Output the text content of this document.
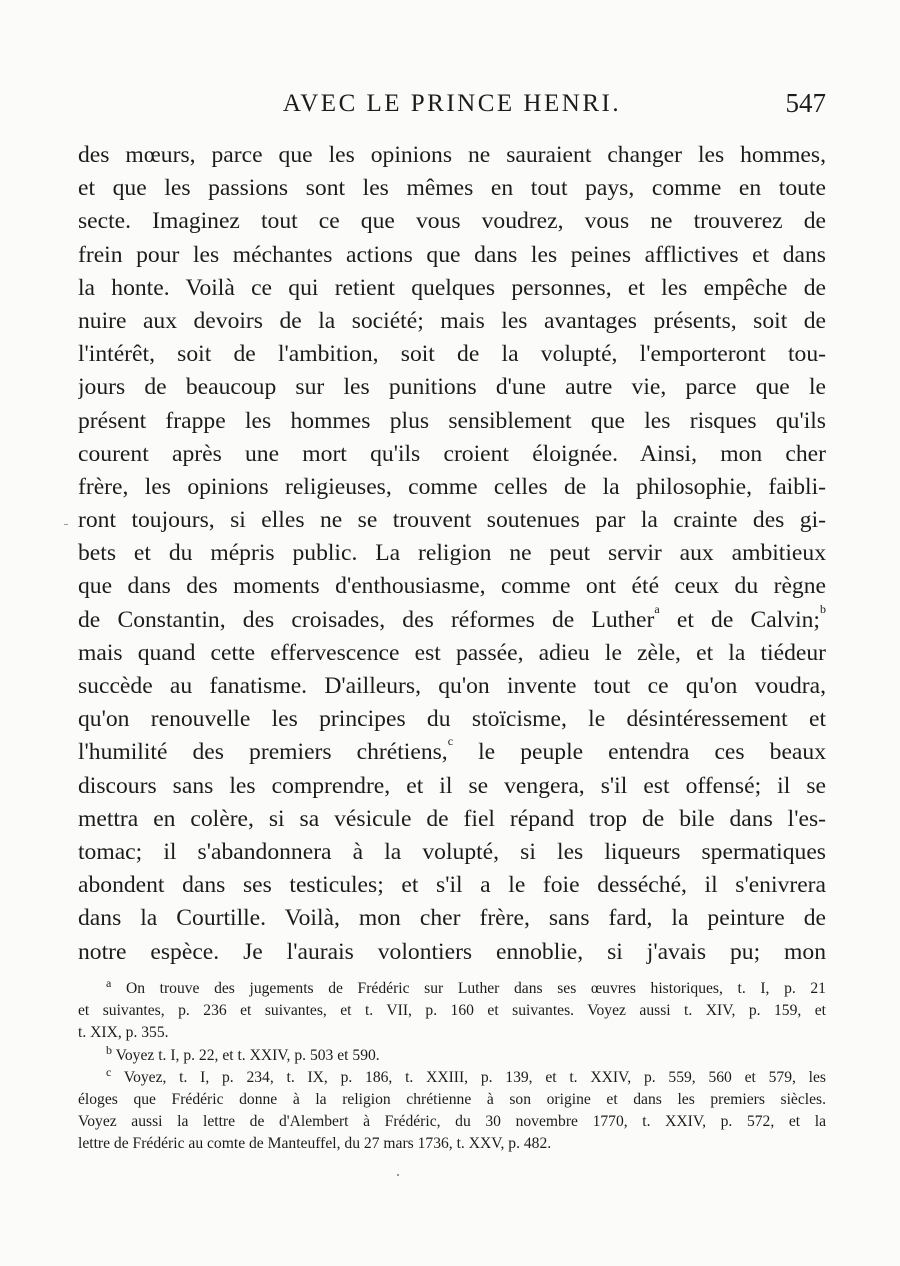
AVEC LE PRINCE HENRI.	547
des mœurs, parce que les opinions ne sauraient changer les hommes,
et que les passions sont les mêmes en tout pays, comme en toute
secte. Imaginez tout ce que vous voudrez, vous ne trouverez de
frein pour les méchantes actions que dans les peines afflictives et dans
la honte. Voilà ce qui retient quelques personnes, et les empêche de
nuire aux devoirs de la société; mais les avantages présents, soit de
l'intérêt, soit de l'ambition, soit de la volupté, l'emporteront tou-
jours de beaucoup sur les punitions d'une autre vie, parce que le
présent frappe les hommes plus sensiblement que les risques qu'ils
courent après une mort qu'ils croient éloignée. Ainsi, mon cher
frère, les opinions religieuses, comme celles de la philosophie, faibli-
ront toujours, si elles ne se trouvent soutenues par la crainte des gi-
bets et du mépris public. La religion ne peut servir aux ambitieux
que dans des moments d'enthousiasme, comme ont été ceux du règne
de Constantin, des croisades, des réformes de Luther$^a$ et de Calvin;$^b$
mais quand cette effervescence est passée, adieu le zèle, et la tiédeur
succède au fanatisme. D'ailleurs, qu'on invente tout ce qu'on voudra,
qu'on renouvelle les principes du stoïcisme, le désintéressement et
l'humilité des premiers chrétiens,$^c$ le peuple entendra ces beaux
discours sans les comprendre, et il se vengera, s'il est offensé; il se
mettra en colère, si sa vésicule de fiel répand trop de bile dans l'es-
tomac; il s'abandonnera à la volupté, si les liqueurs spermatiques
abondent dans ses testicules; et s'il a le foie desséché, il s'enivrera
dans la Courtille. Voilà, mon cher frère, sans fard, la peinture de
notre espèce. Je l'aurais volontiers ennoblie, si j'avais pu; mon
$^a$ On trouve des jugements de Frédéric sur Luther dans ses œuvres historiques, t. I, p. 21
et suivantes, p. 236 et suivantes, et t. VII, p. 160 et suivantes. Voyez aussi t. XIV, p. 159, et
t. XIX, p. 355.
$^b$ Voyez t. I, p. 22, et t. XXIV, p. 503 et 590.
$^c$ Voyez, t. I, p. 234, t. IX, p. 186, t. XXIII, p. 139, et t. XXIV, p. 559, 560 et 579, les
éloges que Frédéric donne à la religion chrétienne à son origine et dans les premiers siècles.
Voyez aussi la lettre de d'Alembert à Frédéric, du 30 novembre 1770, t. XXIV, p. 572, et la
lettre de Frédéric au comte de Manteuffel, du 27 mars 1736, t. XXV, p. 482.
